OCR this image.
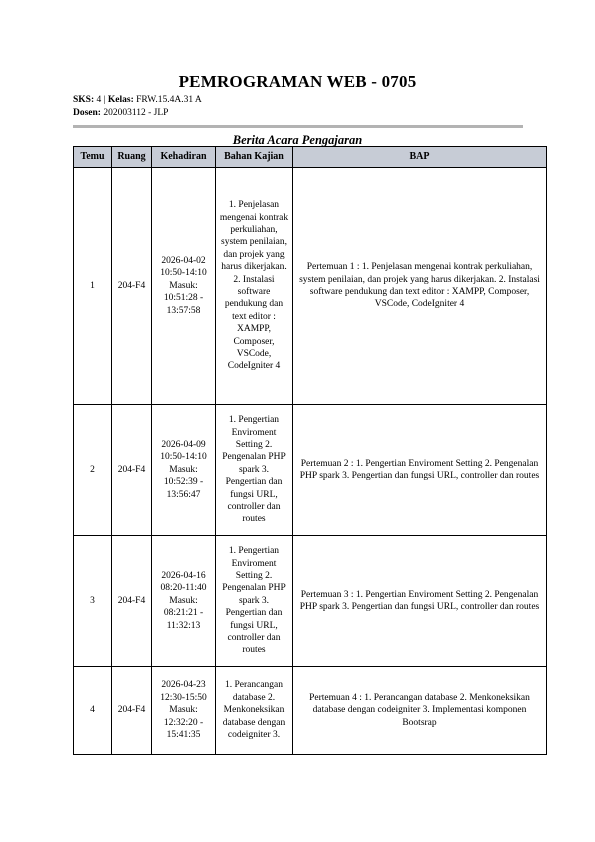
PEMROGRAMAN WEB - 0705
SKS: 4 | Kelas: FRW.15.4A.31 A
Dosen: 202003112 - JLP
Berita Acara Pengajaran
Temu	Ruang	Kehadiran	Bahan Kajian	BAP
1	204-F4	2026-04-02 10:50-14:10 Masuk: 10:51:28 - 13:57:58	1. Penjelasan mengenai kontrak perkuliahan, system penilaian, dan projek yang harus dikerjakan. 2. Instalasi software pendukung dan text editor : XAMPP, Composer, VSCode, CodeIgniter 4	Pertemuan 1 : 1. Penjelasan mengenai kontrak perkuliahan, system penilaian, dan projek yang harus dikerjakan. 2. Instalasi software pendukung dan text editor : XAMPP, Composer, VSCode, CodeIgniter 4
2	204-F4	2026-04-09 10:50-14:10 Masuk: 10:52:39 - 13:56:47	1. Pengertian Enviroment Setting 2. Pengenalan PHP spark 3. Pengertian dan fungsi URL, controller dan routes	Pertemuan 2 : 1. Pengertian Enviroment Setting 2. Pengenalan PHP spark 3. Pengertian dan fungsi URL, controller dan routes
3	204-F4	2026-04-16 08:20-11:40 Masuk: 08:21:21 - 11:32:13	1. Pengertian Enviroment Setting 2. Pengenalan PHP spark 3. Pengertian dan fungsi URL, controller dan routes	Pertemuan 3 : 1. Pengertian Enviroment Setting 2. Pengenalan PHP spark 3. Pengertian dan fungsi URL, controller dan routes
4	204-F4	2026-04-23 12:30-15:50 Masuk: 12:32:20 - 15:41:35	1. Perancangan database 2. Menkoneksikan database dengan codeigniter 3.	Pertemuan 4 : 1. Perancangan database 2. Menkoneksikan database dengan codeigniter 3. Implementasi komponen Bootsrap
